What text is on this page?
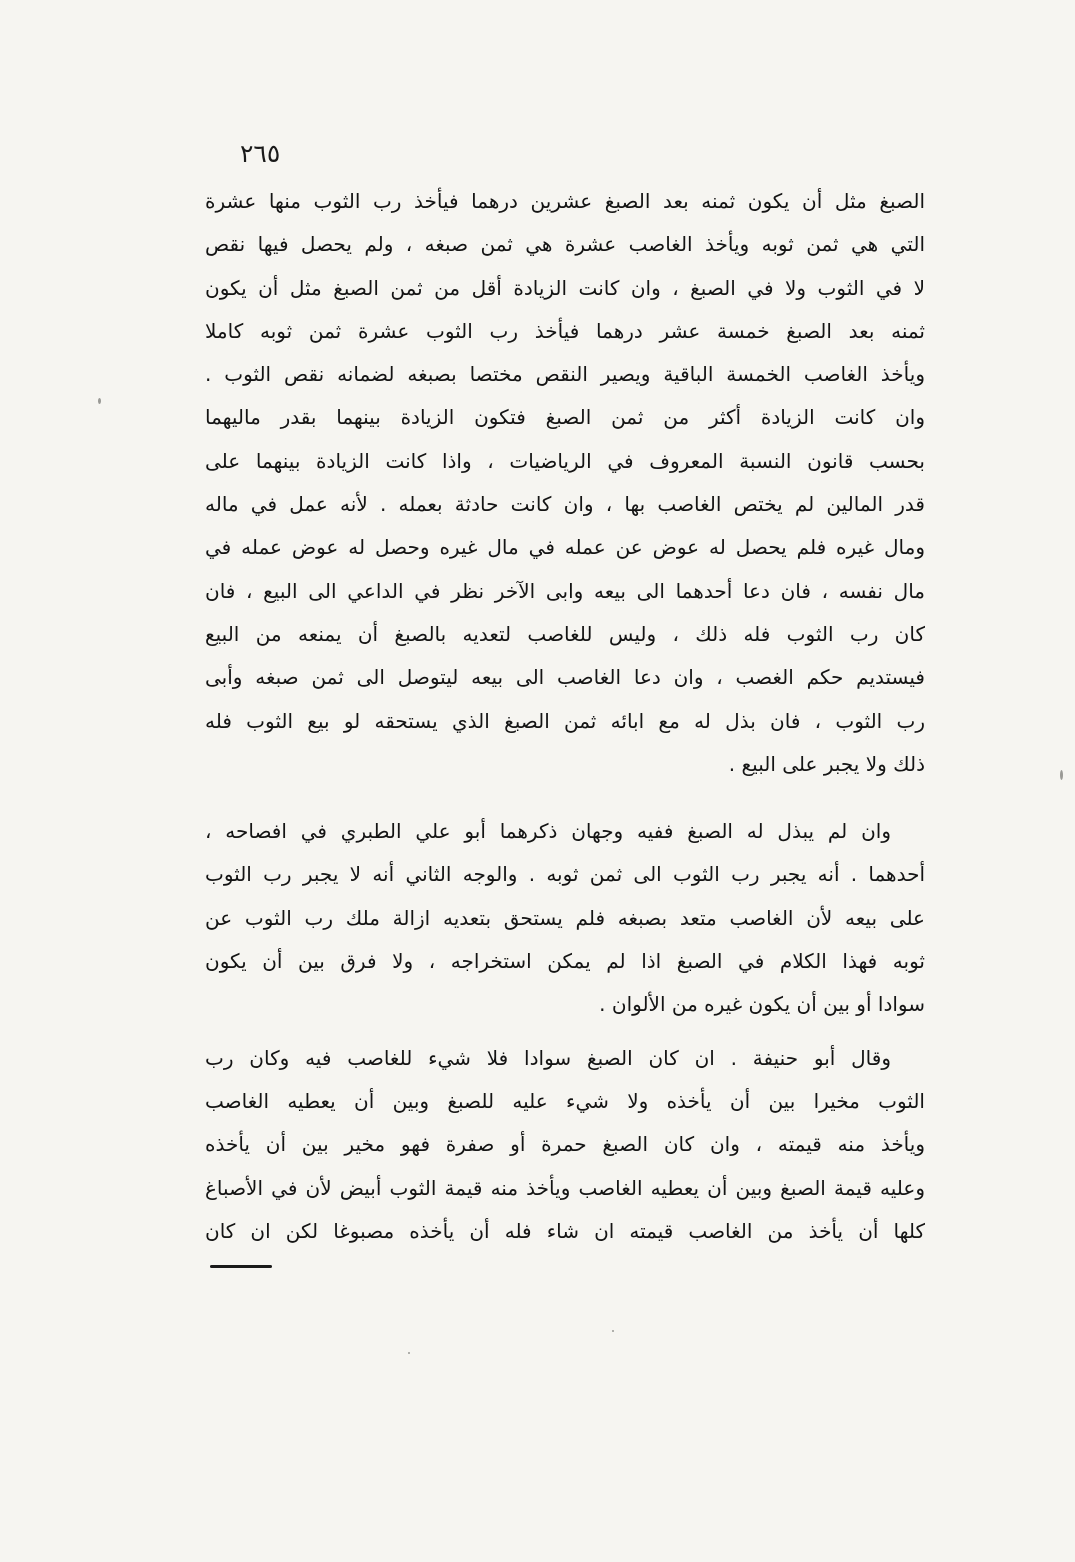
٢٦٥
الصبغ مثل أن يكون ثمنه بعد الصبغ عشرين درهما فيأخذ رب الثوب منها عشرة
التي هي ثمن ثوبه ويأخذ الغاصب عشرة هي ثمن صبغه ، ولم يحصل فيها نقص
لا في الثوب ولا في الصبغ ، وان كانت الزيادة أقل من ثمن الصبغ مثل أن يكون
ثمنه بعد الصبغ خمسة عشر درهما فيأخذ رب الثوب عشرة ثمن ثوبه كاملا
ويأخذ الغاصب الخمسة الباقية ويصير النقص مختصا بصبغه لضمانه نقص الثوب .
وان كانت الزيادة أكثر من ثمن الصبغ فتكون الزيادة بينهما بقدر ماليهما
بحسب قانون النسبة المعروف في الرياضيات ، واذا كانت الزيادة بينهما على
قدر المالين لم يختص الغاصب بها ، وان كانت حادثة بعمله . لأنه عمل في ماله
ومال غيره فلم يحصل له عوض عن عمله في مال غيره وحصل له عوض عمله في
مال نفسه ، فان دعا أحدهما الى بيعه وابى الآخر نظر في الداعي الى البيع ، فان
كان رب الثوب فله ذلك ، وليس للغاصب لتعديه بالصبغ أن يمنعه من البيع
فيستديم حكم الغصب ، وان دعا الغاصب الى بيعه ليتوصل الى ثمن صبغه وأبى
رب الثوب ، فان بذل له مع ابائه ثمن الصبغ الذي يستحقه لو بيع الثوب فله
ذلك ولا يجبر على البيع .
وان لم يبذل له الصبغ ففيه وجهان ذكرهما أبو علي الطبري في افصاحه ،
أحدهما . أنه يجبر رب الثوب الى ثمن ثوبه . والوجه الثاني أنه لا يجبر رب الثوب
على بيعه لأن الغاصب متعد بصبغه فلم يستحق بتعديه ازالة ملك رب الثوب عن
ثوبه فهذا الكلام في الصبغ اذا لم يمكن استخراجه ، ولا فرق بين أن يكون
سوادا أو بين أن يكون غيره من الألوان .
وقال أبو حنيفة . ان كان الصبغ سوادا فلا شيء للغاصب فيه وكان رب
الثوب مخيرا بين أن يأخذه ولا شيء عليه للصبغ وبين أن يعطيه الغاصب
ويأخذ منه قيمته ، وان كان الصبغ حمرة أو صفرة فهو مخير بين أن يأخذه
وعليه قيمة الصبغ وبين أن يعطيه الغاصب ويأخذ منه قيمة الثوب أبيض لأن في الأصباغ
كلها أن يأخذ من الغاصب قيمته ان شاء فله أن يأخذه مصبوغا لكن ان كان
